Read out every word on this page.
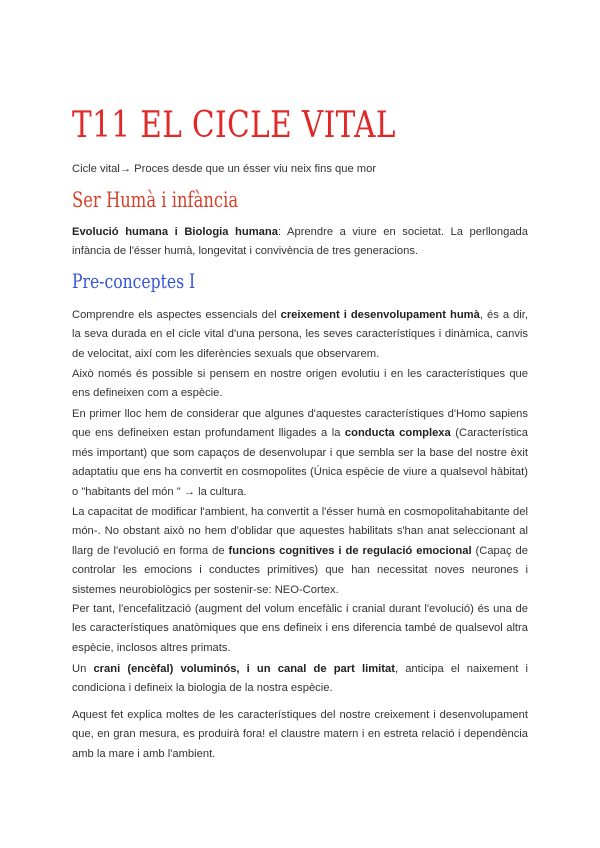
T11 EL CICLE VITAL

Cicle vital→ Proces desde que un ésser viu neix fins que mor

Ser Humà i infància

Evolució humana i Biologia humana: Aprendre a viure en societat. La perllongada infància de l'ésser humà, longevitat i convivència de tres generacions.

Pre-conceptes I

Comprendre els aspectes essencials del creixement i desenvolupament humà, és a dir, la seva durada en el cicle vital d'una persona, les seves característiques i dinàmica, canvis de velocitat, així com les diferències sexuals que observarem.

Això només és possible si pensem en nostre origen evolutiu i en les característiques que ens defineixen com a espècie.

En primer lloc hem de considerar que algunes d'aquestes característiques d'Homo sapiens que ens defineixen estan profundament lligades a la conducta complexa (Característica més important) que som capaços de desenvolupar i que sembla ser la base del nostre èxit adaptatiu que ens ha convertit en cosmopolites (Única espècie de viure a qualsevol hàbitat) o "habitants del món " → la cultura.

La capacitat de modificar l'ambient, ha convertit a l'ésser humà en cosmopolitahabitante del món-. No obstant això no hem d'oblidar que aquestes habilitats s'han anat seleccionant al llarg de l'evolució en forma de funcions cognitives i de regulació emocional (Capaç de controlar les emocions i conductes primitives) que han necessitat noves neurones i sistemes neurobiològics per sostenir-se: NEO-Cortex.

Per tant, l'encefalització (augment del volum encefàlic i cranial durant l'evolució) és una de les característiques anatòmiques que ens defineix i ens diferencia també de qualsevol altra espècie, inclosos altres primats.

Un crani (encèfal) voluminós, i un canal de part limitat, anticipa el naixement i condiciona i defineix la biologia de la nostra espècie.

Aquest fet explica moltes de les característiques del nostre creixement i desenvolupament que, en gran mesura, es produirà fora! el claustre matern i en estreta relació i dependència amb la mare i amb l'ambient.
